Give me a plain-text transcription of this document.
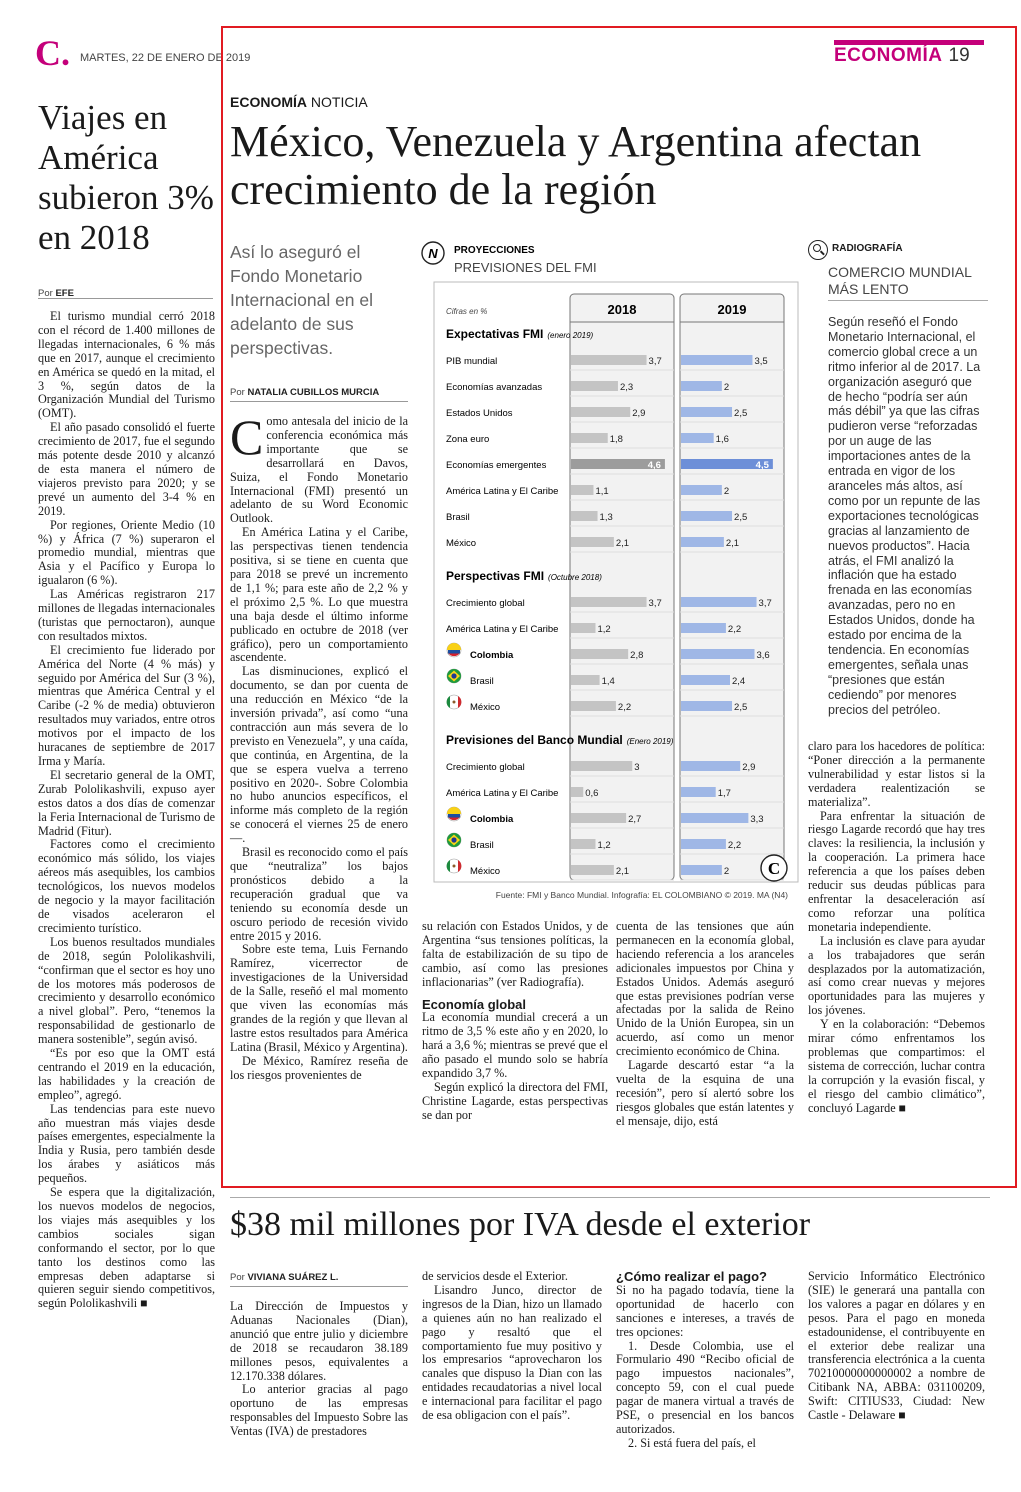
C. MARTES, 22 DE ENERO DE 2019	ECONOMÍA 19
Viajes en América subieron 3% en 2018
Por EFE

El turismo mundial cerró 2018 con el récord de 1.400 millones de llegadas internacionales, 6 % más que en 2017, aunque el crecimiento en América se quedó en la mitad, el 3 %, según datos de la Organización Mundial del Turismo (OMT).

El año pasado consolidó el fuerte crecimiento de 2017, fue el segundo más potente desde 2010 y alcanzó de esta manera el número de viajeros previsto para 2020; y se prevé un aumento del 3-4 % en 2019.

Por regiones, Oriente Medio (10 %) y África (7 %) superaron el promedio mundial, mientras que Asia y el Pacífico y Europa lo igualaron (6 %).

Las Américas registraron 217 millones de llegadas internacionales (turistas que pernoctaron), aunque con resultados mixtos.

El crecimiento fue liderado por América del Norte (4 % más) y seguido por América del Sur (3 %), mientras que América Central y el Caribe (-2 % de media) obtuvieron resultados muy variados, entre otros motivos por el impacto de los huracanes de septiembre de 2017 Irma y María.

El secretario general de la OMT, Zurab Pololikashvili, expuso ayer estos datos a dos días de comenzar la Feria Internacional de Turismo de Madrid (Fitur).

Factores como el crecimiento económico más sólido, los viajes aéreos más asequibles, los cambios tecnológicos, los nuevos modelos de negocio y la mayor facilitación de visados aceleraron el crecimiento turístico.

Los buenos resultados mundiales de 2018, según Pololikashvili, “confirman que el sector es hoy uno de los motores más poderosos de crecimiento y desarrollo económico a nivel global”. Pero, “tenemos la responsabilidad de gestionarlo de manera sostenible”, según avisó.

“Es por eso que la OMT está centrando el 2019 en la educación, las habilidades y la creación de empleo”, agregó.

Las tendencias para este nuevo año muestran más viajes desde países emergentes, especialmente la India y Rusia, pero también desde los árabes y asiáticos más pequeños.

Se espera que la digitalización, los nuevos modelos de negocios, los viajes más asequibles y los cambios sociales sigan conformando el sector, por lo que tanto los destinos como las empresas deben adaptarse si quieren seguir siendo competitivos, según Pololikashvili ■

ECONOMÍA NOTICIA
México, Venezuela y Argentina afectan crecimiento de la región
Así lo aseguró el Fondo Monetario Internacional en el adelanto de sus perspectivas.
Por NATALIA CUBILLOS MURCIA

Como antesala del inicio de la conferencia económica más importante que se desarrollará en Davos, Suiza, el Fondo Monetario Internacional (FMI) presentó un adelanto de su Word Economic Outlook.

En América Latina y el Caribe, las perspectivas tienen tendencia positiva, si se tiene en cuenta que para 2018 se prevé un incremento de 1,1 %; para este año de 2,2 % y el próximo 2,5 %. Lo que muestra una baja desde el último informe publicado en octubre de 2018 (ver gráfico), pero un comportamiento ascendente.

Las disminuciones, explicó el documento, se dan por cuenta de una reducción en México “de la inversión privada”, así como “una contracción aun más severa de lo previsto en Venezuela”, y una caída, que continúa, en Argentina, de la que se espera vuelva a terreno positivo en 2020-. Sobre Colombia no hubo anuncios específicos, el informe más completo de la región se conocerá el viernes 25 de enero—.

Brasil es reconocido como el país que “neutraliza” los bajos pronósticos debido a la recuperación gradual que va teniendo su economía desde un oscuro periodo de recesión vivido entre 2015 y 2016.

Sobre este tema, Luis Fernando Ramírez, vicerrector de investigaciones de la Universidad de la Salle, reseñó el mal momento que viven las economías más grandes de la región y que llevan al lastre estos resultados para América Latina (Brasil, México y Argentina).

De México, Ramírez reseña de los riesgos provenientes de

su relación con Estados Unidos, y de Argentina “sus tensiones políticas, la falta de estabilización de su tipo de cambio, así como las presiones inflacionarias” (ver Radiografía).

Economía global

La economía mundial crecerá a un ritmo de 3,5 % este año y en 2020, lo hará a 3,6 %; mientras se prevé que el año pasado el mundo solo se habría expandido 3,7 %.

Según explicó la directora del FMI, Christine Lagarde, estas perspectivas se dan por

cuenta de las tensiones que aún permanecen en la economía global, haciendo referencia a los aranceles adicionales impuestos por China y Estados Unidos. Además aseguró que estas previsiones podrían verse afectadas por la salida de Reino Unido de la Unión Europea, sin un acuerdo, así como un menor crecimiento económico de China.

Lagarde descartó estar “a la vuelta de la esquina de una recesión”, pero sí alertó sobre los riesgos globales que están latentes y el mensaje, dijo, está

claro para los hacedores de política: “Poner dirección a la permanente vulnerabilidad y estar listos si la verdadera realentización se materializa”.

Para enfrentar la situación de riesgo Lagarde recordó que hay tres claves: la resiliencia, la inclusión y la cooperación. La primera hace referencia a que los países deben reducir sus deudas públicas para enfrentar la desaceleración así como reforzar una política monetaria independiente.

La inclusión es clave para ayudar a los trabajadores que serán desplazados por la automatización, así como crear nuevas y mejores oportunidades para las mujeres y los jóvenes.

Y en la colaboración: “Debemos mirar cómo enfrentamos los problemas que compartimos: el sistema de corrección, luchar contra la corrupción y la evasión fiscal, y el riesgo del cambio climático”, concluyó Lagarde ■

RADIOGRAFÍA
COMERCIO MUNDIAL MÁS LENTO
Según reseñó el Fondo Monetario Internacional, el comercio global crece a un ritmo inferior al de 2017. La organización aseguró que de hecho “podría ser aún más débil” ya que las cifras pudieron verse “reforzadas por un auge de las importaciones antes de la entrada en vigor de los aranceles más altos, así como por un repunte de las exportaciones tecnológicas gracias al lanzamiento de nuevos productos”. Hacia atrás, el FMI analizó la inflación que ha estado frenada en las economías avanzadas, pero no en Estados Unidos, donde ha estado por encima de la tendencia. En economías emergentes, señala unas “presiones que están cediendo” por menores precios del petróleo.
N PROYECCIONES
PREVISIONES DEL FMI
2018	2019
Cifras en %
Expectativas FMI (enero 2019)
PIB mundial	3,7	3,5
Economías avanzadas	2,3	2
Estados Unidos	2,9	2,5
Zona euro	1,8	1,6
Economías emergentes	4,6	4,5
América Latina y El Caribe	1,1	2
Brasil	1,3	2,5
México	2,1	2,1
Perspectivas FMI (Octubre 2018)
Crecimiento global	3,7	3,7
América Latina y El Caribe	1,2	2,2
Colombia	2,8	3,6
Brasil	1,4	2,4
México	2,2	2,5
Previsiones del Banco Mundial (Enero 2019)
Crecimiento global	3	2,9
América Latina y El Caribe	0,6	1,7
Colombia	2,7	3,3
Brasil	1,2	2,2
México	2,1	2 C
Fuente: FMI y Banco Mundial. Infografía: EL COLOMBIANO © 2019. MA (N4)
$38 mil millones por IVA desde el exterior
Por VIVIANA SUÁREZ L.

La Dirección de Impuestos y Aduanas Nacionales (Dian), anunció que entre julio y diciembre de 2018 se recaudaron 38.189 millones pesos, equivalentes a 12.170.338 dólares.

Lo anterior gracias al pago oportuno de las empresas responsables del Impuesto Sobre las Ventas (IVA) de prestadores

de servicios desde el Exterior.

Lisandro Junco, director de ingresos de la Dian, hizo un llamado a quienes aún no han realizado el pago y resaltó que el comportamiento fue muy positivo y los empresarios “aprovecharon los canales que dispuso la Dian con las entidades recaudatorias a nivel local e internacional para facilitar el pago de esa obligacion con el país”.

¿Cómo realizar el pago?

Si no ha pagado todavía, tiene la oportunidad de hacerlo con sanciones e intereses, a través de tres opciones:

1. Desde Colombia, use el Formulario 490 “Recibo oficial de pago impuestos nacionales”, concepto 59, con el cual puede pagar de manera virtual a través de PSE, o presencial en los bancos autorizados.

2. Si está fuera del país, el

Servicio Informático Electrónico (SIE) le generará una pantalla con los valores a pagar en dólares y en pesos. Para el pago en moneda estadounidense, el contribuyente en el exterior debe realizar una transferencia electrónica a la cuenta 70210000000000002 a nombre de Citibank NA, ABBA: 031100209, Swift: CITIUS33, Ciudad: New Castle - Delaware ■
